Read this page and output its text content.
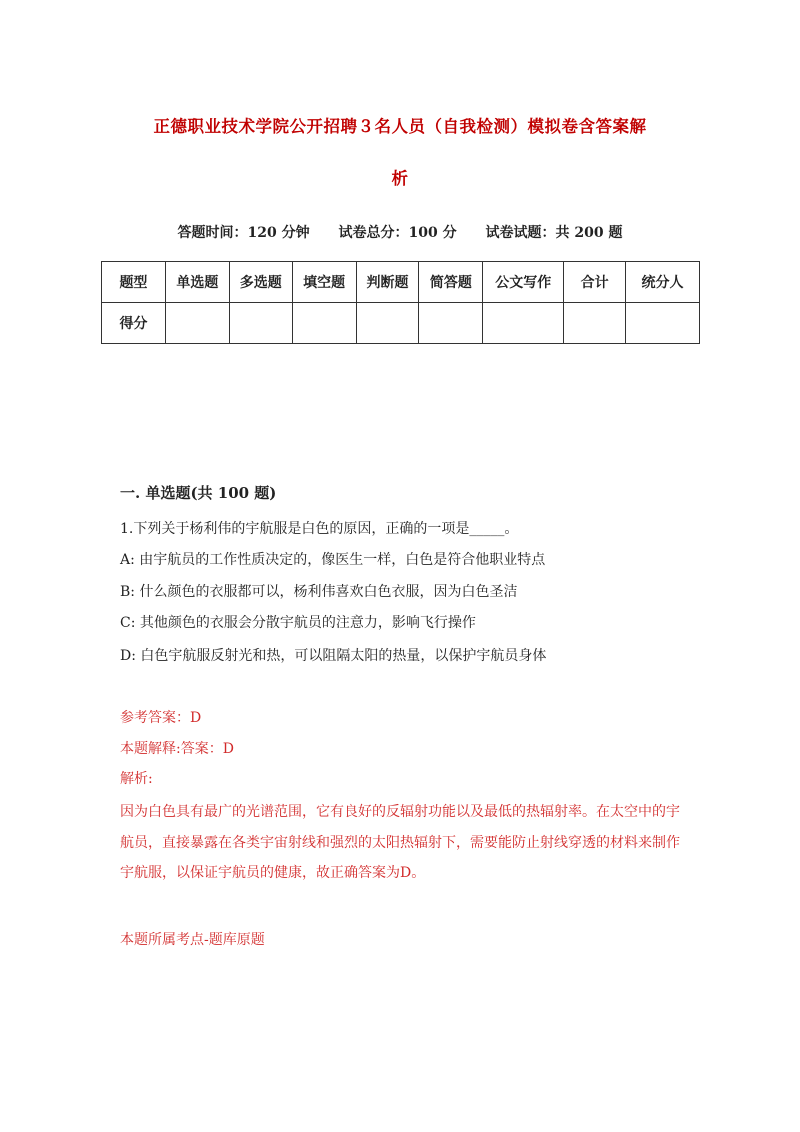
正德职业技术学院公开招聘３名人员（自我检测）模拟卷含答案解
析
答题时间：120 分钟 试卷总分：100 分 试卷试题：共 200 题
题型	单选题	多选题	填空题	判断题	简答题	公文写作	合计	统分人
得分								
一. 单选题(共 100 题)
1.下列关于杨利伟的宇航服是白色的原因，正确的一项是_____。
A: 由宇航员的工作性质决定的，像医生一样，白色是符合他职业特点
B: 什么颜色的衣服都可以，杨利伟喜欢白色衣服，因为白色圣洁
C: 其他颜色的衣服会分散宇航员的注意力，影响飞行操作
D: 白色宇航服反射光和热，可以阻隔太阳的热量，以保护宇航员身体
参考答案：D
本题解释:答案：D
解析:
因为白色具有最广的光谱范围，它有良好的反辐射功能以及最低的热辐射率。在太空中的宇航员，直接暴露在各类宇宙射线和强烈的太阳热辐射下，需要能防止射线穿透的材料来制作宇航服，以保证宇航员的健康，故正确答案为D。
本题所属考点-题库原题
